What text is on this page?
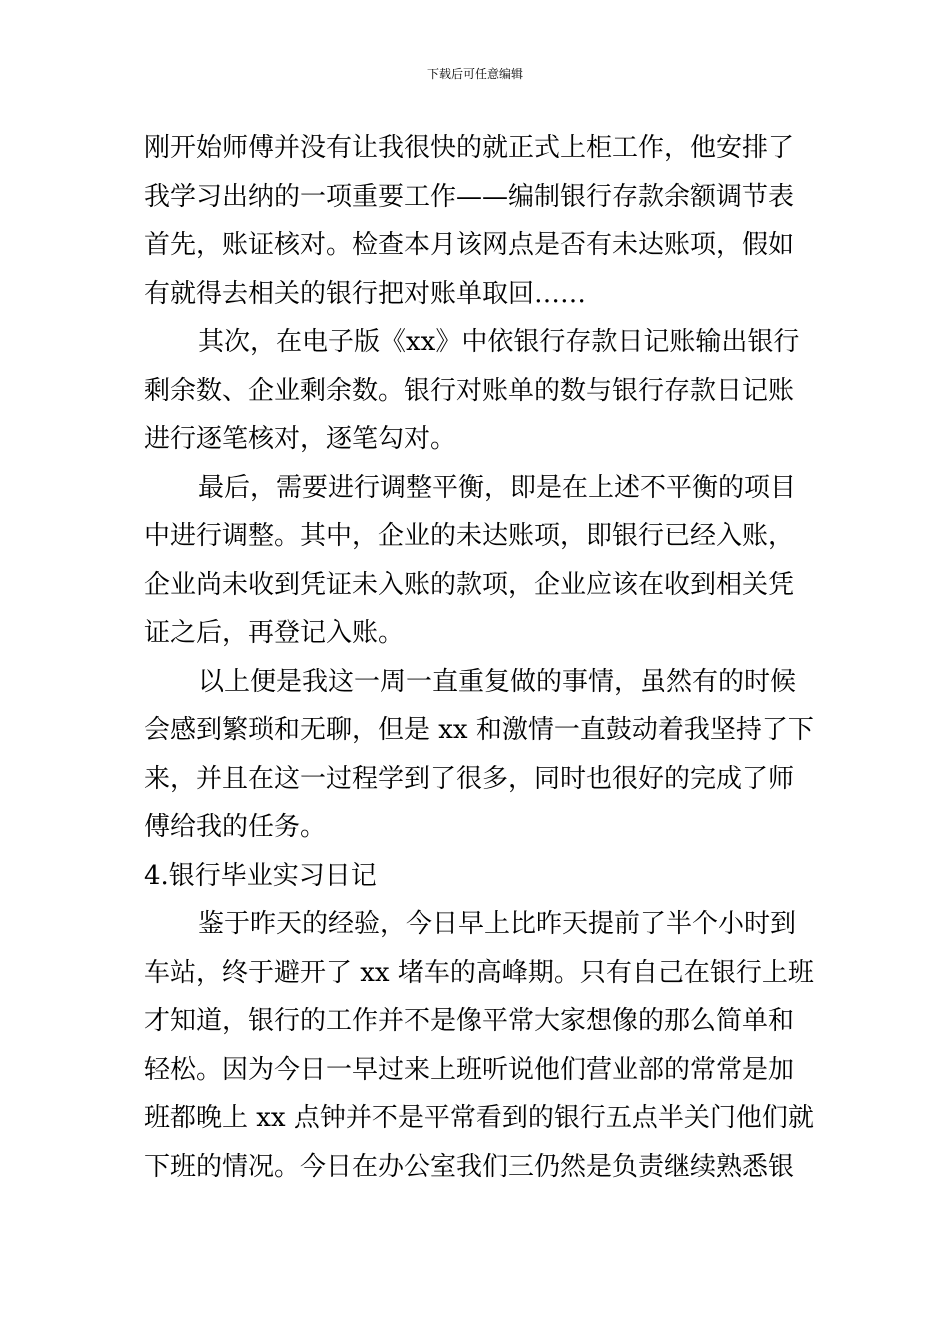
下载后可任意编辑
刚开始师傅并没有让我很快的就正式上柜工作，他安排了
我学习出纳的一项重要工作——编制银行存款余额调节表
首先，账证核对。检查本月该网点是否有未达账项，假如
有就得去相关的银行把对账单取回……
其次，在电子版《xx》中依银行存款日记账输出银行
剩余数、企业剩余数。银行对账单的数与银行存款日记账
进行逐笔核对，逐笔勾对。
最后，需要进行调整平衡，即是在上述不平衡的项目
中进行调整。其中，企业的未达账项，即银行已经入账，
企业尚未收到凭证未入账的款项，企业应该在收到相关凭
证之后，再登记入账。
以上便是我这一周一直重复做的事情，虽然有的时候
会感到繁琐和无聊，但是 xx 和激情一直鼓动着我坚持了下
来，并且在这一过程学到了很多，同时也很好的完成了师
傅给我的任务。
4.银行毕业实习日记
鉴于昨天的经验，今日早上比昨天提前了半个小时到
车站，终于避开了 xx 堵车的高峰期。只有自己在银行上班
才知道，银行的工作并不是像平常大家想像的那么简单和
轻松。因为今日一早过来上班听说他们营业部的常常是加
班都晚上 xx 点钟并不是平常看到的银行五点半关门他们就
下班的情况。今日在办公室我们三仍然是负责继续熟悉银
